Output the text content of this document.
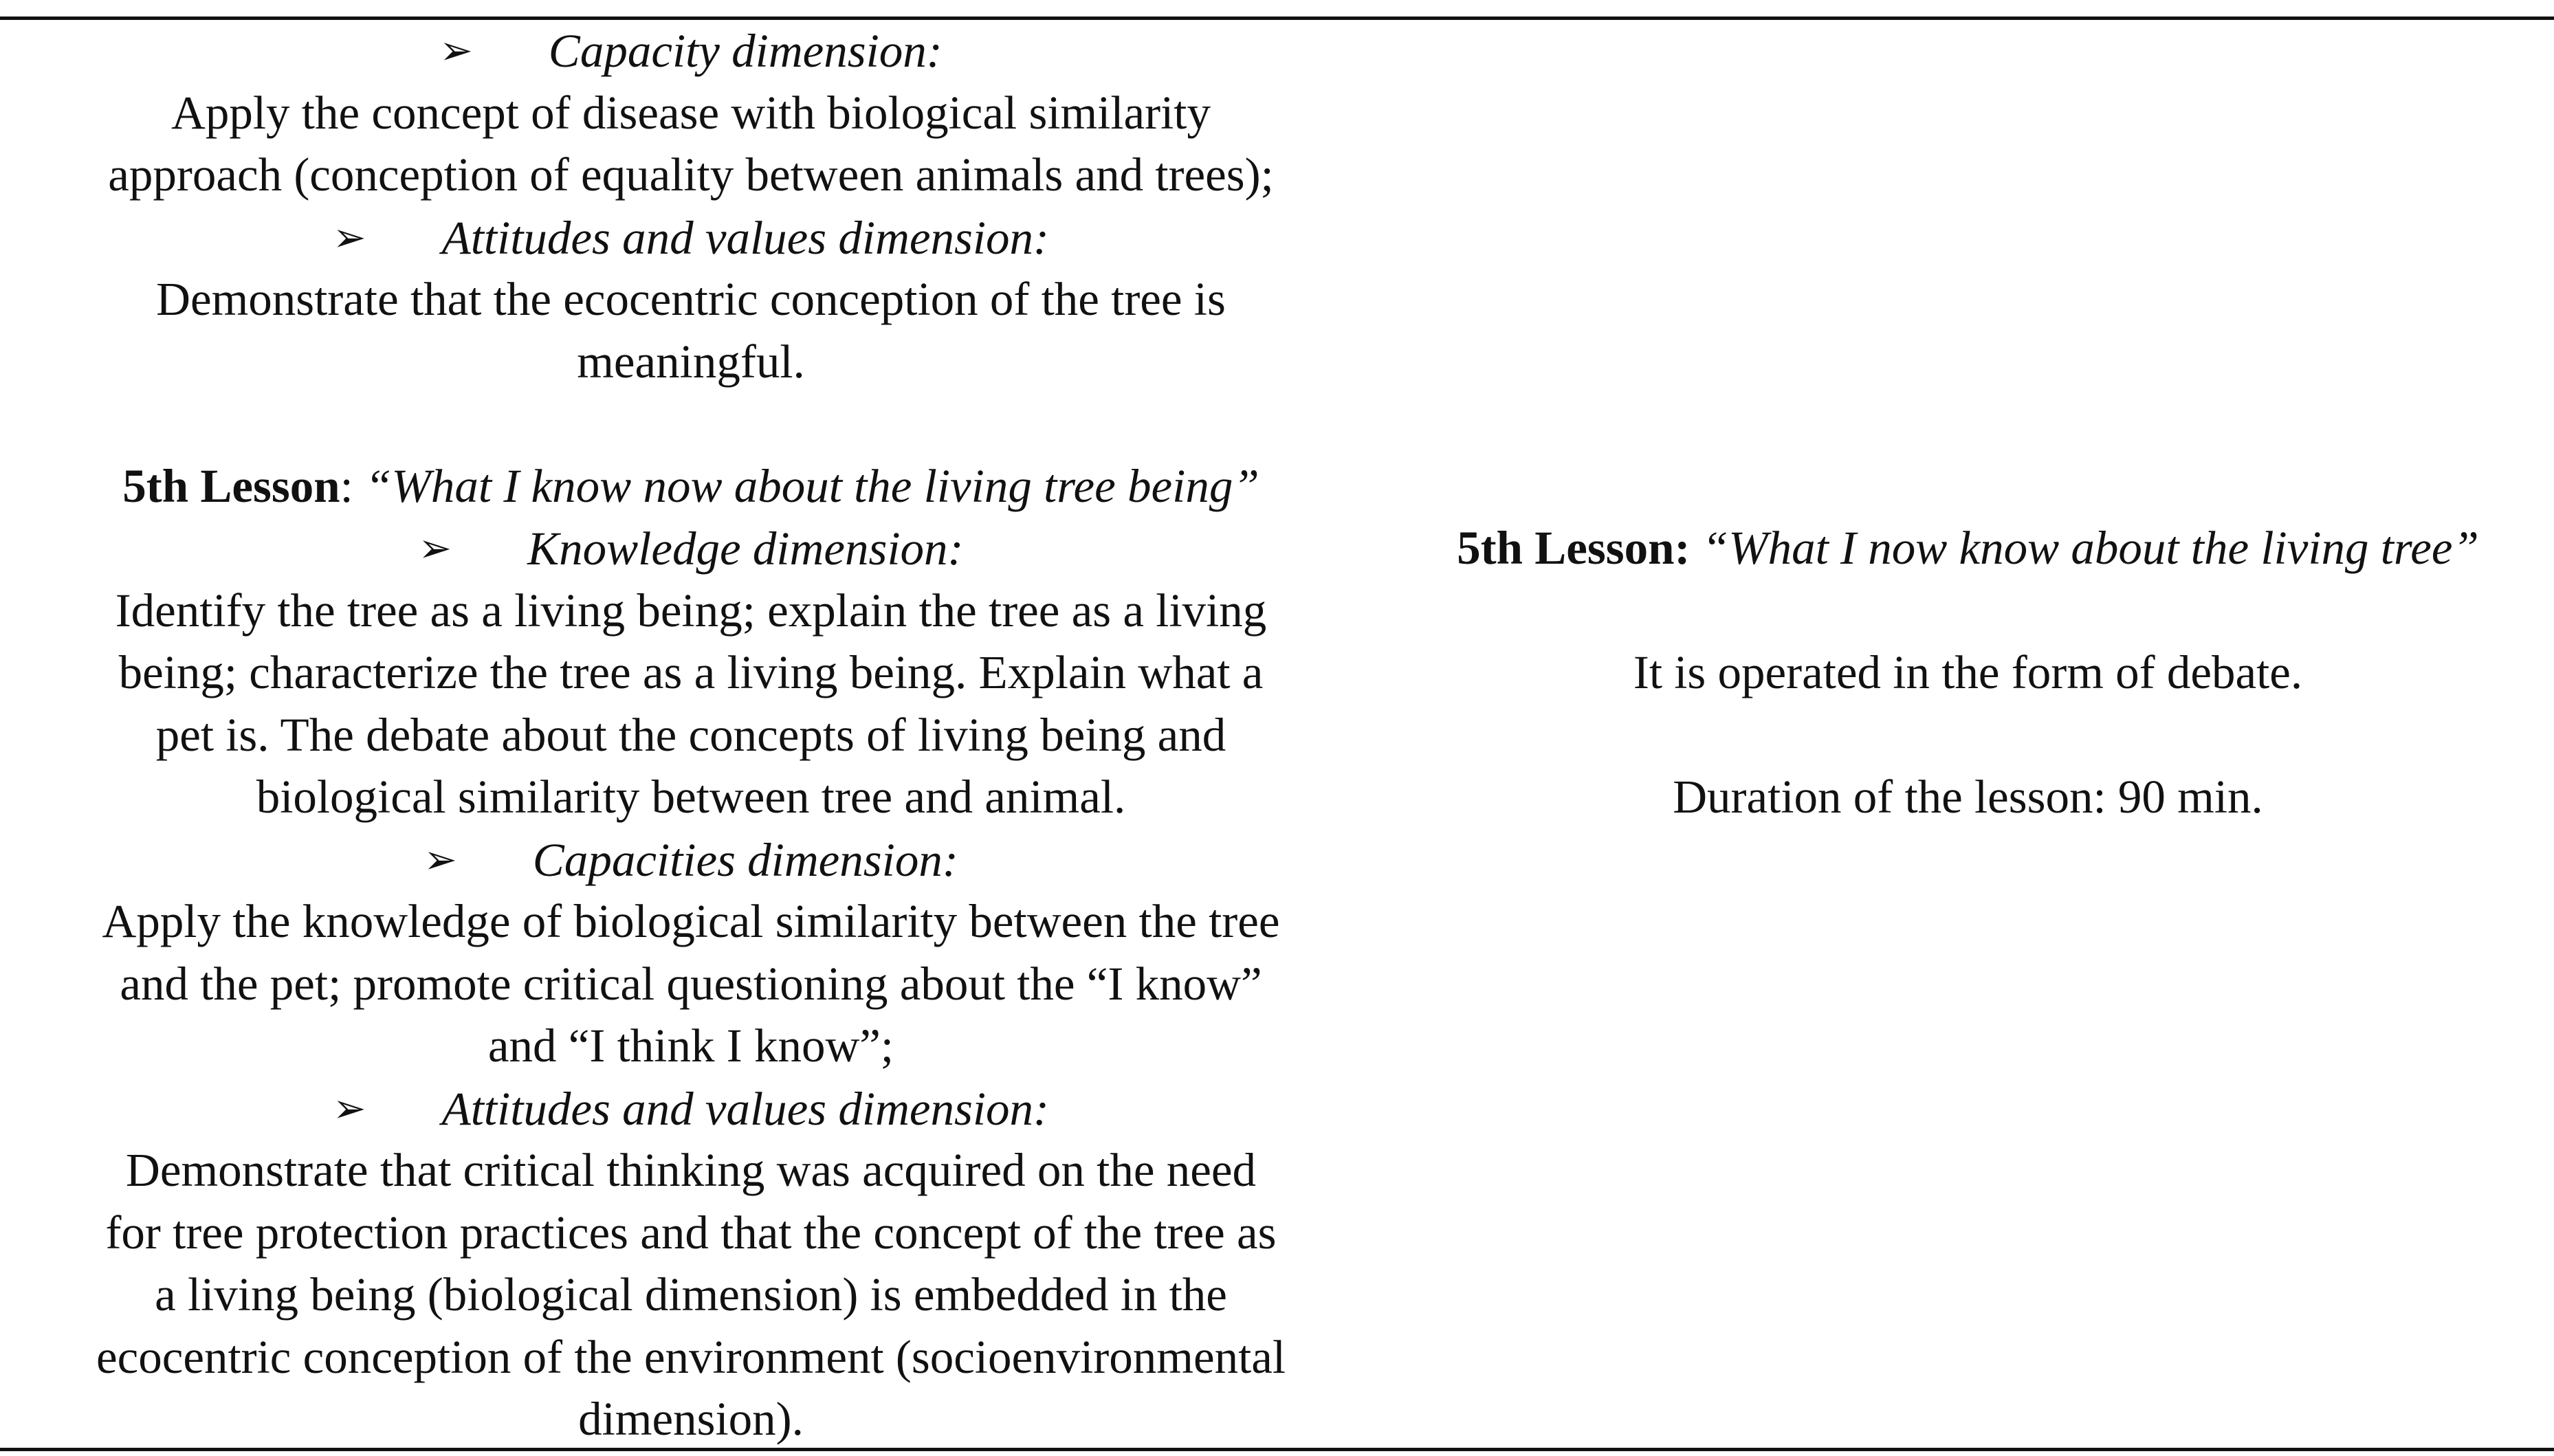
➢ Capacity dimension:
Apply the concept of disease with biological similarity
approach (conception of equality between animals and trees);
➢ Attitudes and values dimension:
Demonstrate that the ecocentric conception of the tree is
meaningful.
5th Lesson: “What I know now about the living tree being”
➢ Knowledge dimension:
Identify the tree as a living being; explain the tree as a living
being; characterize the tree as a living being. Explain what a
pet is. The debate about the concepts of living being and
biological similarity between tree and animal.
➢ Capacities dimension:
Apply the knowledge of biological similarity between the tree
and the pet; promote critical questioning about the “I know”
and “I think I know”;
➢ Attitudes and values dimension:
Demonstrate that critical thinking was acquired on the need
for tree protection practices and that the concept of the tree as
a living being (biological dimension) is embedded in the
ecocentric conception of the environment (socioenvironmental
dimension).
5th Lesson: “What I now know about the living tree”
It is operated in the form of debate.
Duration of the lesson: 90 min.
